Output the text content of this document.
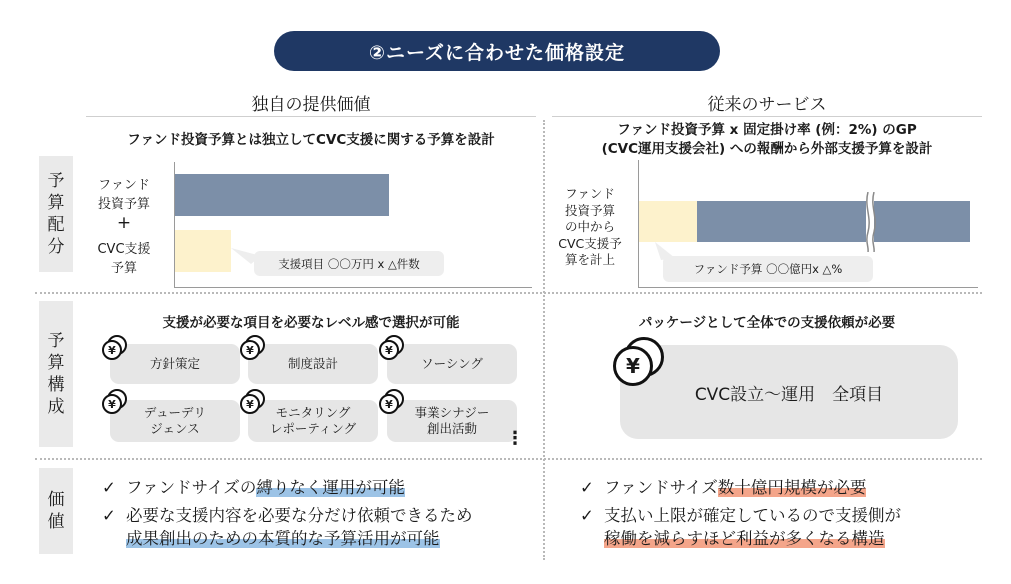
②ニーズに合わせた価格設定
独自の提供価値	従来のサービス
予
算
配
分
予
算
構
成
価
値
ファンド投資予算とは独立してCVC支援に関する予算を設計
ファンド
投資予算
+
CVC支援
予算	支援項目 〇〇万円 x △件数
ファンド投資予算 x 固定掛け率 (例：2%) のGP
(CVC運用支援会社) への報酬から外部支援予算を設計
ファンド
投資予算
の中から
CVC支援予
算を計上
ファンド予算 〇〇億円x △%
支援が必要な項目を必要なレベル感で選択が可能
方針策定	制度設計	ソーシング
デューデリ
ジェンス
モニタリング
レポーティング
事業シナジー
創出活動
¥	¥	¥
¥	¥	¥
⋮
パッケージとして全体での支援依頼が必要
CVC設立〜運用　全項目
¥
✓ ファンドサイズの縛りなく運用が可能
✓ 必要な支援内容を必要な分だけ依頼できるため
成果創出のための本質的な予算活用が可能
✓ ファンドサイズ数十億円規模が必要
✓ 支払い上限が確定しているので支援側が
稼働を減らすほど利益が多くなる構造
